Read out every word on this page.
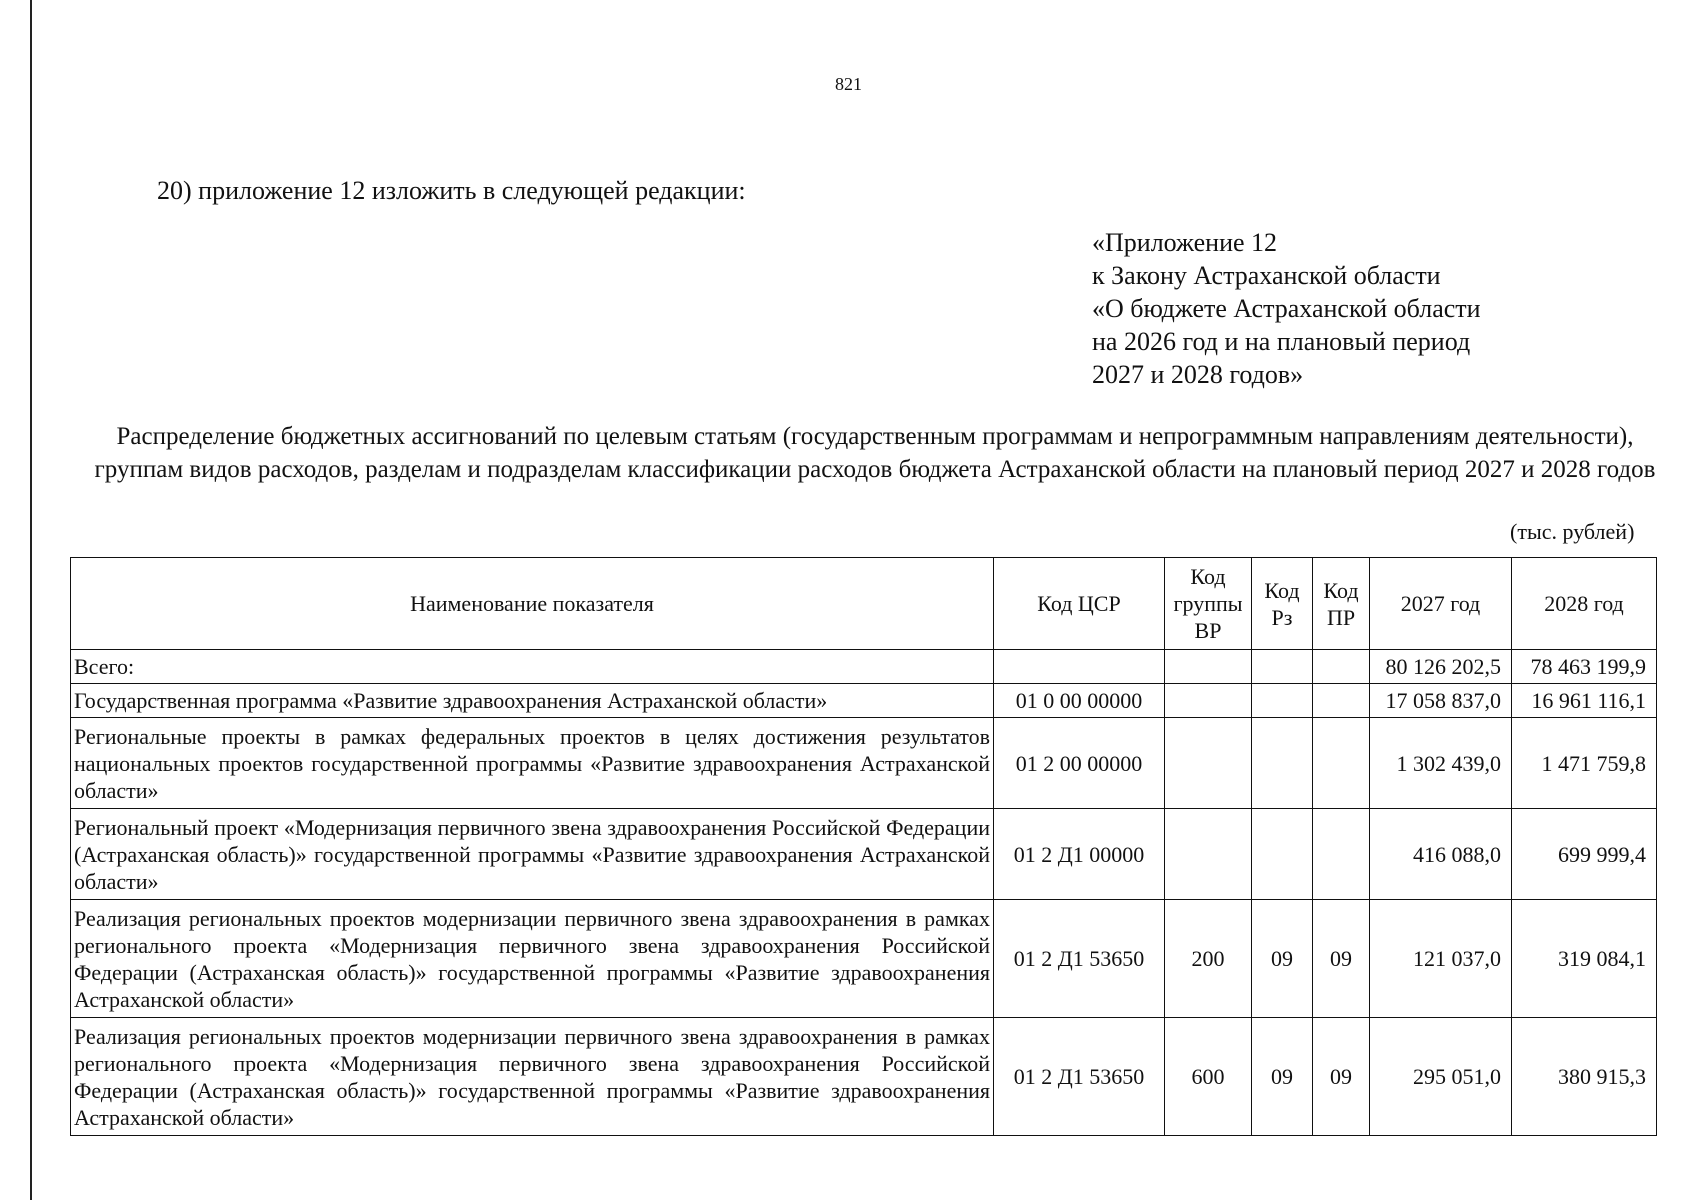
821
20) приложение 12 изложить в следующей редакции:
«Приложение 12
к Закону Астраханской области
«О бюджете Астраханской области
на 2026 год и на плановый период
2027 и 2028 годов»
Распределение бюджетных ассигнований по целевым статьям (государственным программам и непрограммным направлениям деятельности), группам видов расходов, разделам и подразделам классификации расходов бюджета Астраханской области на плановый период 2027 и 2028 годов
(тыс. рублей)
Наименование показателя	Код ЦСР	Код группы ВР	Код Рз	Код ПР	2027 год	2028 год
Всего:					80 126 202,5	78 463 199,9
Государственная программа «Развитие здравоохранения Астраханской области»	01 0 00 00000				17 058 837,0	16 961 116,1
Региональные проекты в рамках федеральных проектов в целях достижения результатов национальных проектов государственной программы «Развитие здравоохранения Астраханской области»	01 2 00 00000				1 302 439,0	1 471 759,8
Региональный проект «Модернизация первичного звена здравоохранения Российской Федерации (Астраханская область)» государственной программы «Развитие здравоохранения Астраханской области»	01 2 Д1 00000				416 088,0	699 999,4
Реализация региональных проектов модернизации первичного звена здравоохранения в рамках регионального проекта «Модернизация первичного звена здравоохранения Российской Федерации (Астраханская область)» государственной программы «Развитие здравоохранения Астраханской области»	01 2 Д1 53650	200	09	09	121 037,0	319 084,1
Реализация региональных проектов модернизации первичного звена здравоохранения в рамках регионального проекта «Модернизация первичного звена здравоохранения Российской Федерации (Астраханская область)» государственной программы «Развитие здравоохранения Астраханской области»	01 2 Д1 53650	600	09	09	295 051,0	380 915,3
